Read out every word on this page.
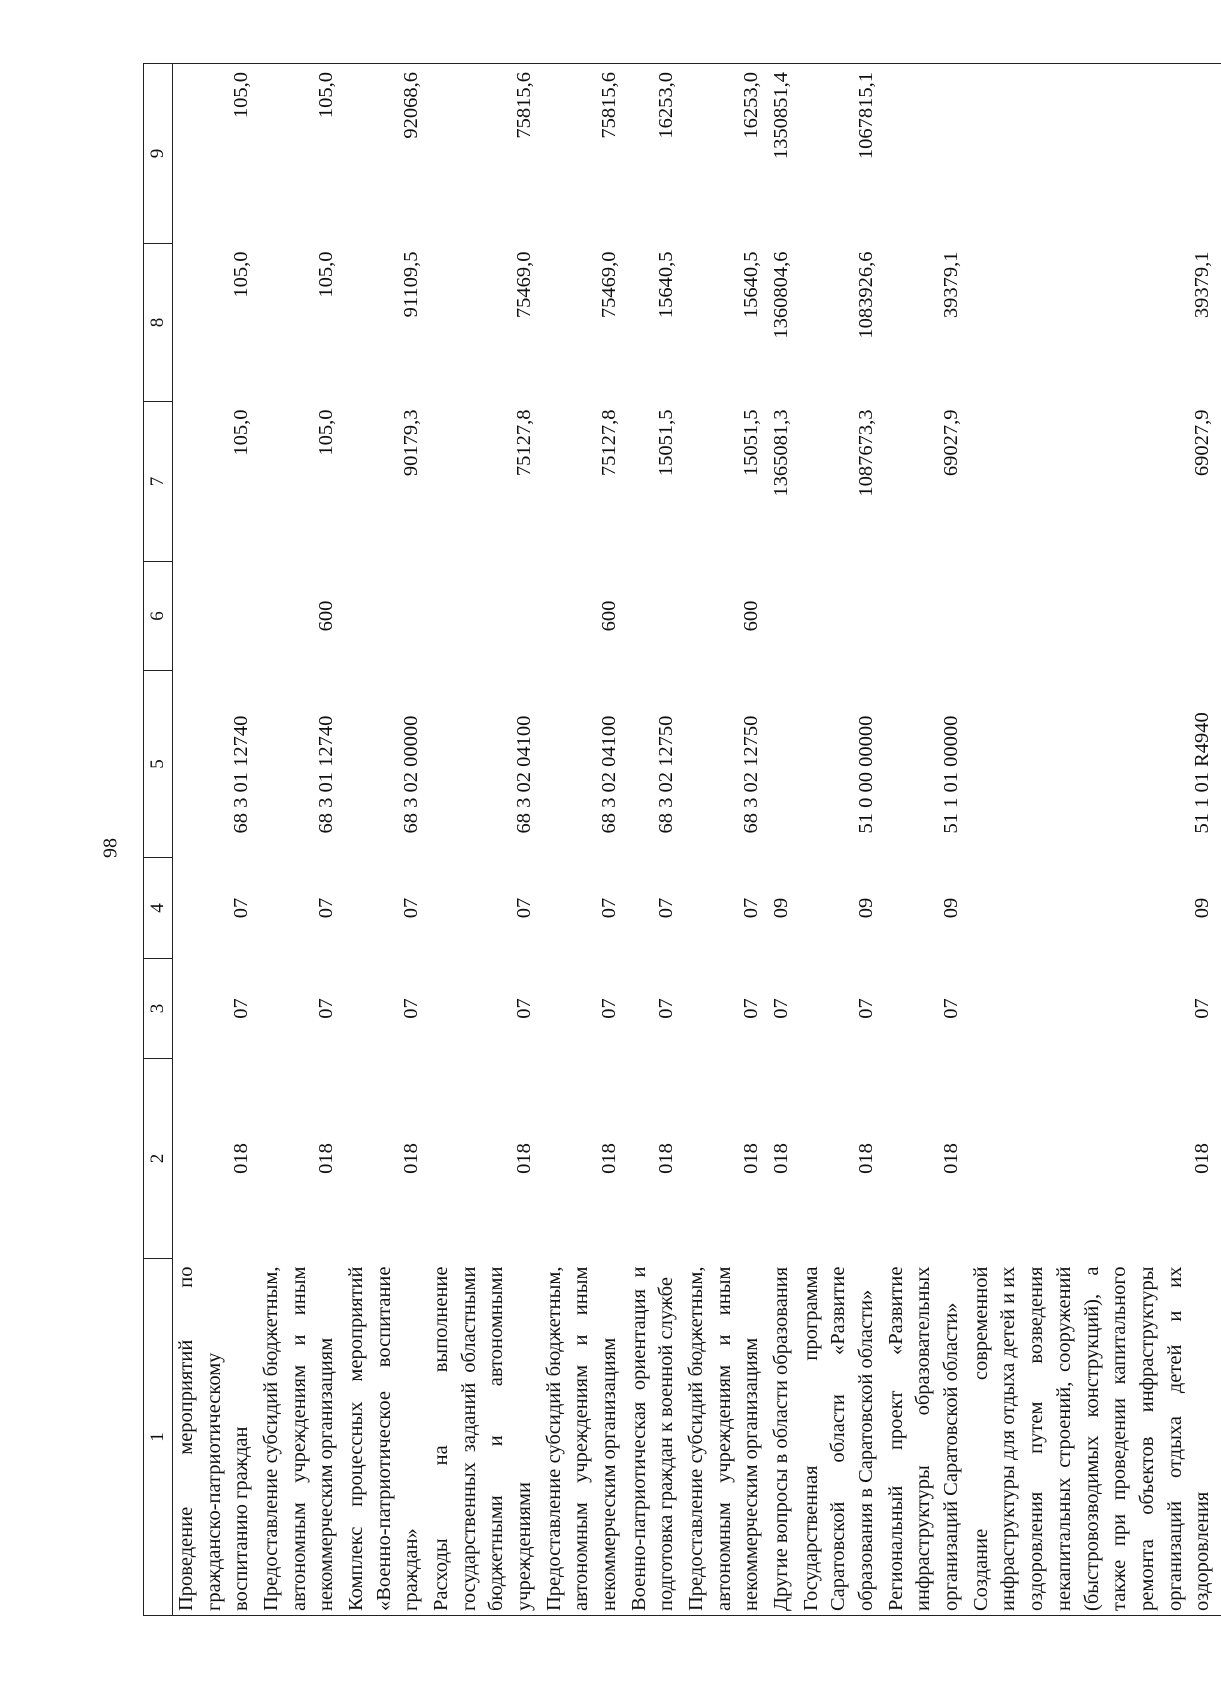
98
1	2	3	4	5	6	7	8	9
Проведение мероприятий по гражданско-патриотическому воспитанию граждан	018	07	07	68 3 01 12740		105,0	105,0	105,0
Предоставление субсидий бюджетным, автономным учреждениям и иным некоммерческим организациям	018	07	07	68 3 01 12740	600	105,0	105,0	105,0
Комплекс процессных мероприятий «Военно-патриотическое воспитание граждан»	018	07	07	68 3 02 00000		90179,3	91109,5	92068,6
Расходы на выполнение государственных заданий областными бюджетными и автономными учреждениями	018	07	07	68 3 02 04100		75127,8	75469,0	75815,6
Предоставление субсидий бюджетным, автономным учреждениям и иным некоммерческим организациям	018	07	07	68 3 02 04100	600	75127,8	75469,0	75815,6
Военно-патриотическая ориентация и подготовка граждан к военной службе	018	07	07	68 3 02 12750		15051,5	15640,5	16253,0
Предоставление субсидий бюджетным, автономным учреждениям и иным некоммерческим организациям	018	07	07	68 3 02 12750	600	15051,5	15640,5	16253,0
Другие вопросы в области образования	018	07	09			1365081,3	1360804,6	1350851,4
Государственная программа Саратовской области «Развитие образования в Саратовской области»	018	07	09	51 0 00 00000		1087673,3	1083926,6	1067815,1
Региональный проект «Развитие инфраструктуры образовательных организаций Саратовской области»	018	07	09	51 1 01 00000		69027,9	39379,1	
Создание современной инфраструктуры для отдыха детей и их оздоровления путем возведения некапитальных строений, сооружений (быстровозводимых конструкций), а также при проведении капитального ремонта объектов инфраструктуры организаций отдыха детей и их оздоровления	018	07	09	51 1 01 R4940		69027,9	39379,1	
